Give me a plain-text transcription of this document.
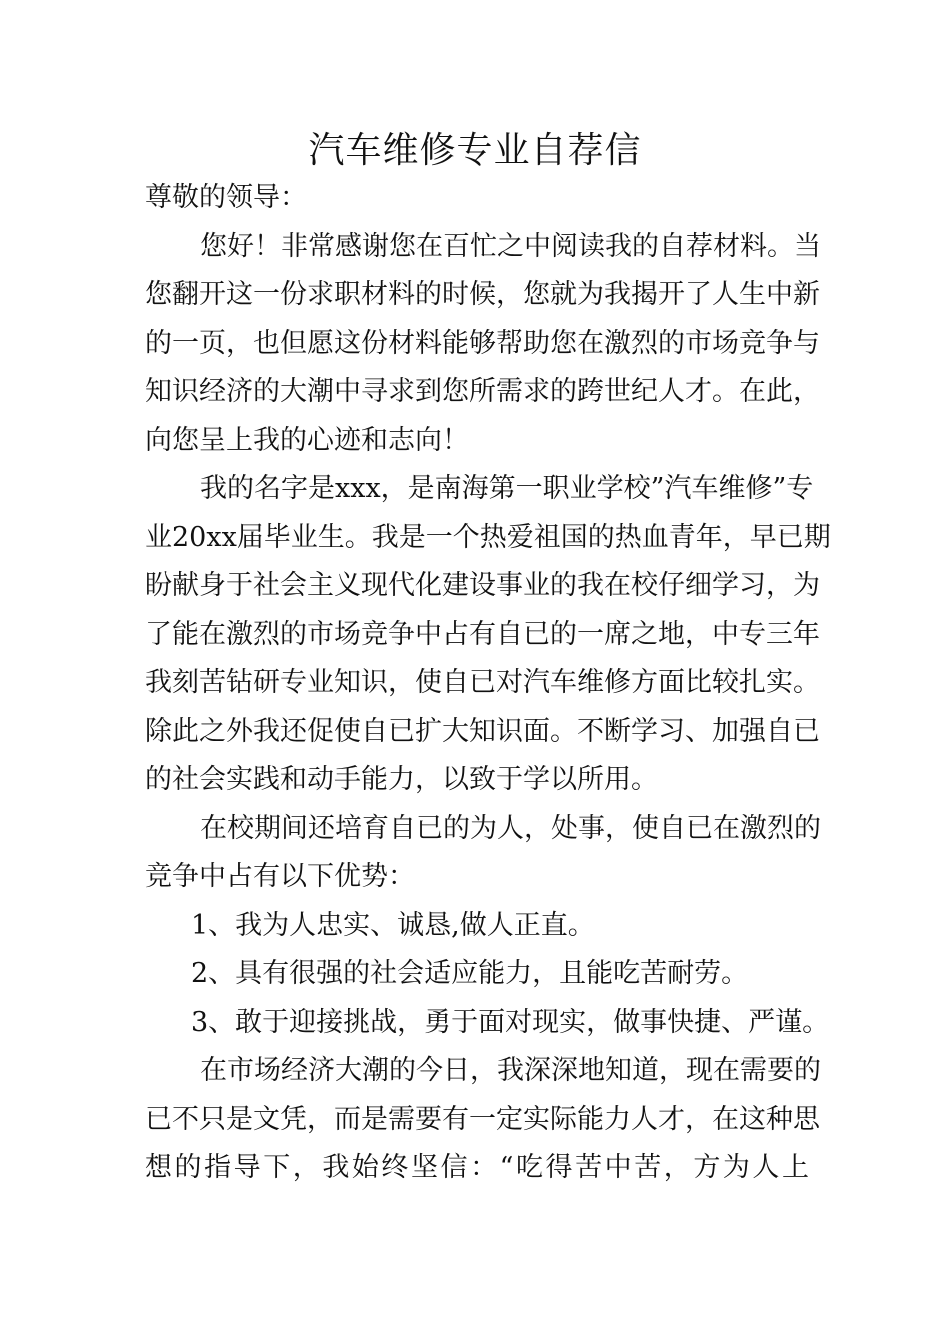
汽车维修专业自荐信
尊敬的领导：
您好！非常感谢您在百忙之中阅读我的自荐材料。当
您翻开这一份求职材料的时候，您就为我揭开了人生中新
的一页，也但愿这份材料能够帮助您在激烈的市场竞争与
知识经济的大潮中寻求到您所需求的跨世纪人才。在此，
向您呈上我的心迹和志向！
我的名字是xxx，是南海第一职业学校”汽车维修”专
业20xx届毕业生。我是一个热爱祖国的热血青年，早已期
盼献身于社会主义现代化建设事业的我在校仔细学习，为
了能在激烈的市场竞争中占有自已的一席之地，中专三年
我刻苦钻研专业知识，使自已对汽车维修方面比较扎实。
除此之外我还促使自已扩大知识面。不断学习、加强自已
的社会实践和动手能力，以致于学以所用。
在校期间还培育自已的为人，处事，使自已在激烈的
竞争中占有以下优势：
1、我为人忠实、诚恳,做人正直。
2、具有很强的社会适应能力，且能吃苦耐劳。
3、敢于迎接挑战，勇于面对现实，做事快捷、严谨。
在市场经济大潮的今日，我深深地知道，现在需要的
已不只是文凭，而是需要有一定实际能力人才，在这种思
想的指导下，我始终坚信：“吃得苦中苦，方为人上
